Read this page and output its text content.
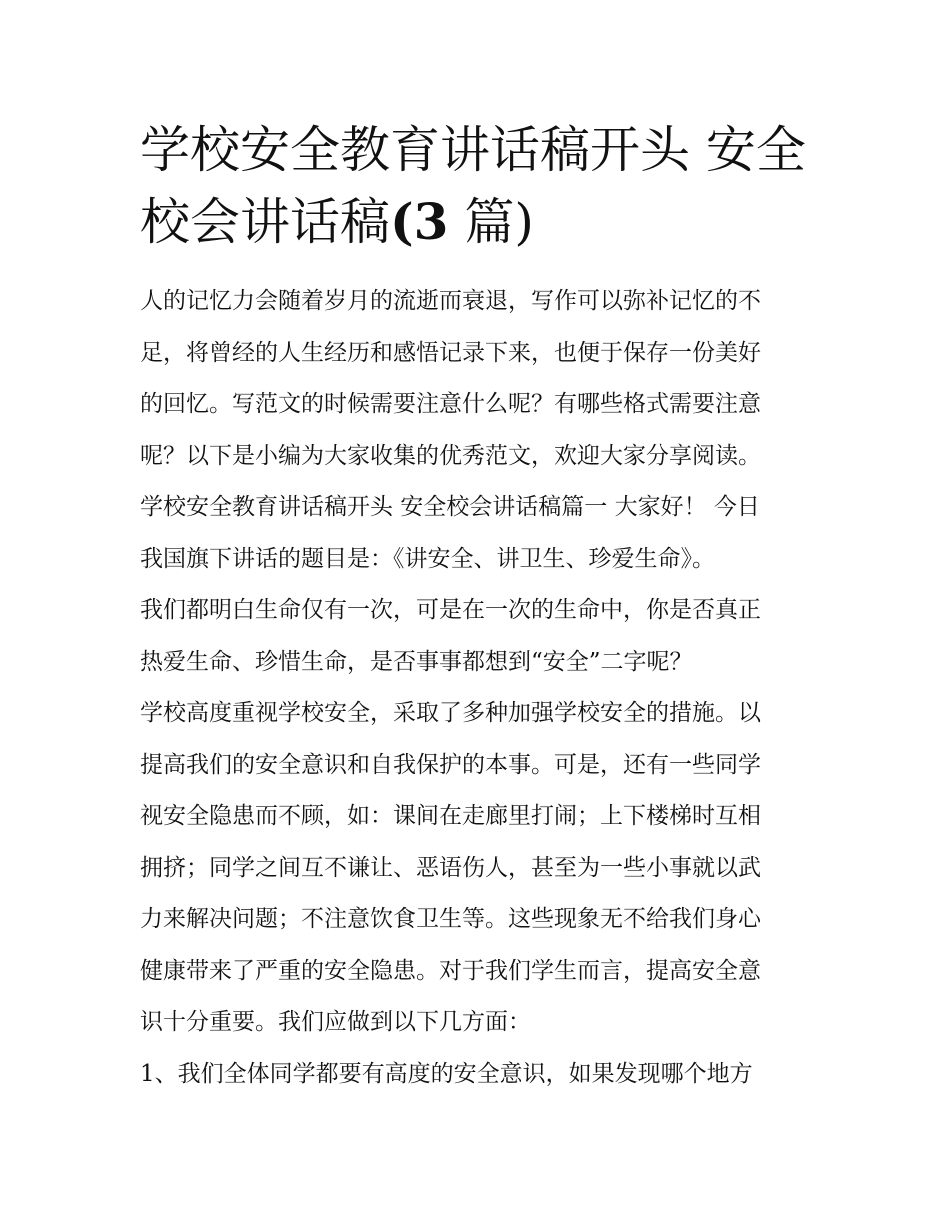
学校安全教育讲话稿开头 安全
校会讲话稿(3 篇)
人的记忆力会随着岁月的流逝而衰退，写作可以弥补记忆的不
足，将曾经的人生经历和感悟记录下来，也便于保存一份美好
的回忆。写范文的时候需要注意什么呢？有哪些格式需要注意
呢？以下是小编为大家收集的优秀范文，欢迎大家分享阅读。
学校安全教育讲话稿开头 安全校会讲话稿篇一 大家好！ 今日
我国旗下讲话的题目是：《讲安全、讲卫生、珍爱生命》。
我们都明白生命仅有一次，可是在一次的生命中，你是否真正
热爱生命、珍惜生命，是否事事都想到“安全”二字呢？
学校高度重视学校安全，采取了多种加强学校安全的措施。以
提高我们的安全意识和自我保护的本事。可是，还有一些同学
视安全隐患而不顾，如：课间在走廊里打闹；上下楼梯时互相
拥挤；同学之间互不谦让、恶语伤人，甚至为一些小事就以武
力来解决问题；不注意饮食卫生等。这些现象无不给我们身心
健康带来了严重的安全隐患。对于我们学生而言，提高安全意
识十分重要。我们应做到以下几方面：
1、我们全体同学都要有高度的安全意识，如果发现哪个地方
